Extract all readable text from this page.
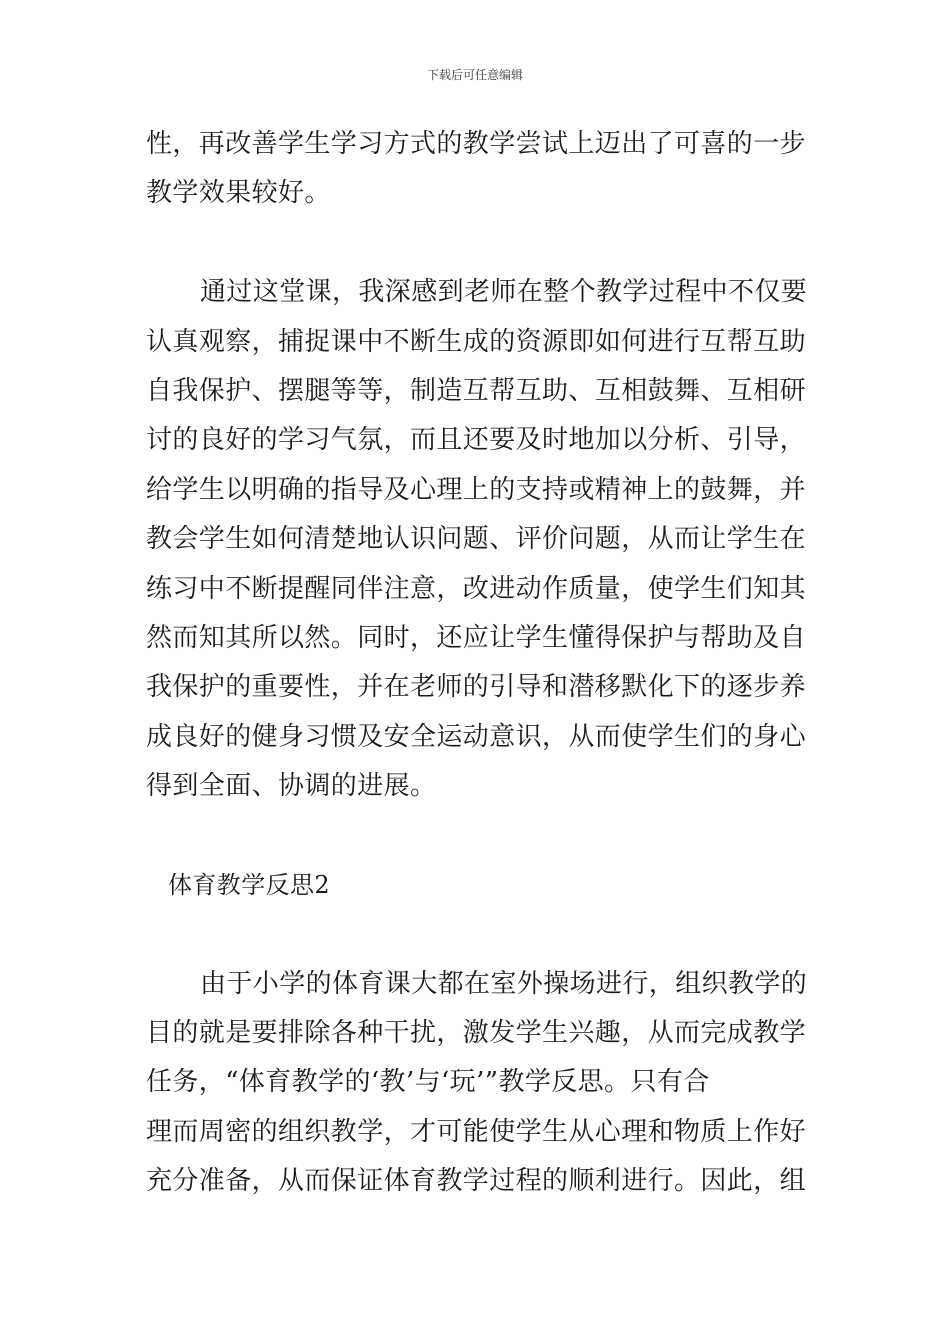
下载后可任意编辑
性，再改善学生学习方式的教学尝试上迈出了可喜的一步
教学效果较好。
通过这堂课，我深感到老师在整个教学过程中不仅要
认真观察，捕捉课中不断生成的资源即如何进行互帮互助
自我保护、摆腿等等，制造互帮互助、互相鼓舞、互相研
讨的良好的学习气氛，而且还要及时地加以分析、引导，
给学生以明确的指导及心理上的支持或精神上的鼓舞，并
教会学生如何清楚地认识问题、评价问题，从而让学生在
练习中不断提醒同伴注意，改进动作质量，使学生们知其
然而知其所以然。同时，还应让学生懂得保护与帮助及自
我保护的重要性，并在老师的引导和潜移默化下的逐步养
成良好的健身习惯及安全运动意识，从而使学生们的身心
得到全面、协调的进展。
体育教学反思2
由于小学的体育课大都在室外操场进行，组织教学的
目的就是要排除各种干扰，激发学生兴趣，从而完成教学
任务，“体育教学的‘教’与‘玩’”教学反思。只有合
理而周密的组织教学，才可能使学生从心理和物质上作好
充分准备，从而保证体育教学过程的顺利进行。因此，组
